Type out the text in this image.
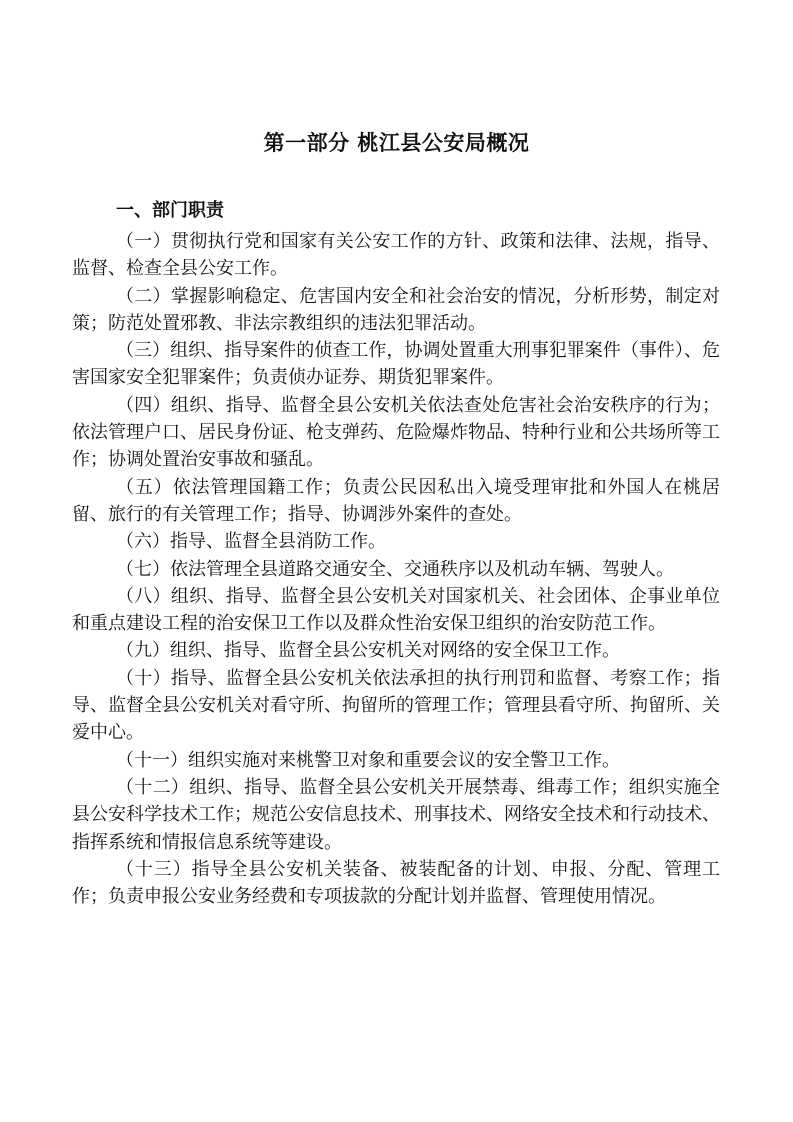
第一部分 桃江县公安局概况
一、部门职责

（一）贯彻执行党和国家有关公安工作的方针、政策和法律、法规，指导、监督、检查全县公安工作。

（二）掌握影响稳定、危害国内安全和社会治安的情况，分析形势，制定对策；防范处置邪教、非法宗教组织的违法犯罪活动。

（三）组织、指导案件的侦查工作，协调处置重大刑事犯罪案件（事件）、危害国家安全犯罪案件；负责侦办证券、期货犯罪案件。

（四）组织、指导、监督全县公安机关依法查处危害社会治安秩序的行为；依法管理户口、居民身份证、枪支弹药、危险爆炸物品、特种行业和公共场所等工作；协调处置治安事故和骚乱。

（五）依法管理国籍工作；负责公民因私出入境受理审批和外国人在桃居留、旅行的有关管理工作；指导、协调涉外案件的查处。

（六）指导、监督全县消防工作。

（七）依法管理全县道路交通安全、交通秩序以及机动车辆、驾驶人。

（八）组织、指导、监督全县公安机关对国家机关、社会团体、企事业单位和重点建设工程的治安保卫工作以及群众性治安保卫组织的治安防范工作。

（九）组织、指导、监督全县公安机关对网络的安全保卫工作。

（十）指导、监督全县公安机关依法承担的执行刑罚和监督、考察工作；指导、监督全县公安机关对看守所、拘留所的管理工作；管理县看守所、拘留所、关爱中心。

（十一）组织实施对来桃警卫对象和重要会议的安全警卫工作。

（十二）组织、指导、监督全县公安机关开展禁毒、缉毒工作；组织实施全县公安科学技术工作；规范公安信息技术、刑事技术、网络安全技术和行动技术、指挥系统和情报信息系统等建设。

（十三）指导全县公安机关装备、被装配备的计划、申报、分配、管理工作；负责申报公安业务经费和专项拔款的分配计划并监督、管理使用情况。
